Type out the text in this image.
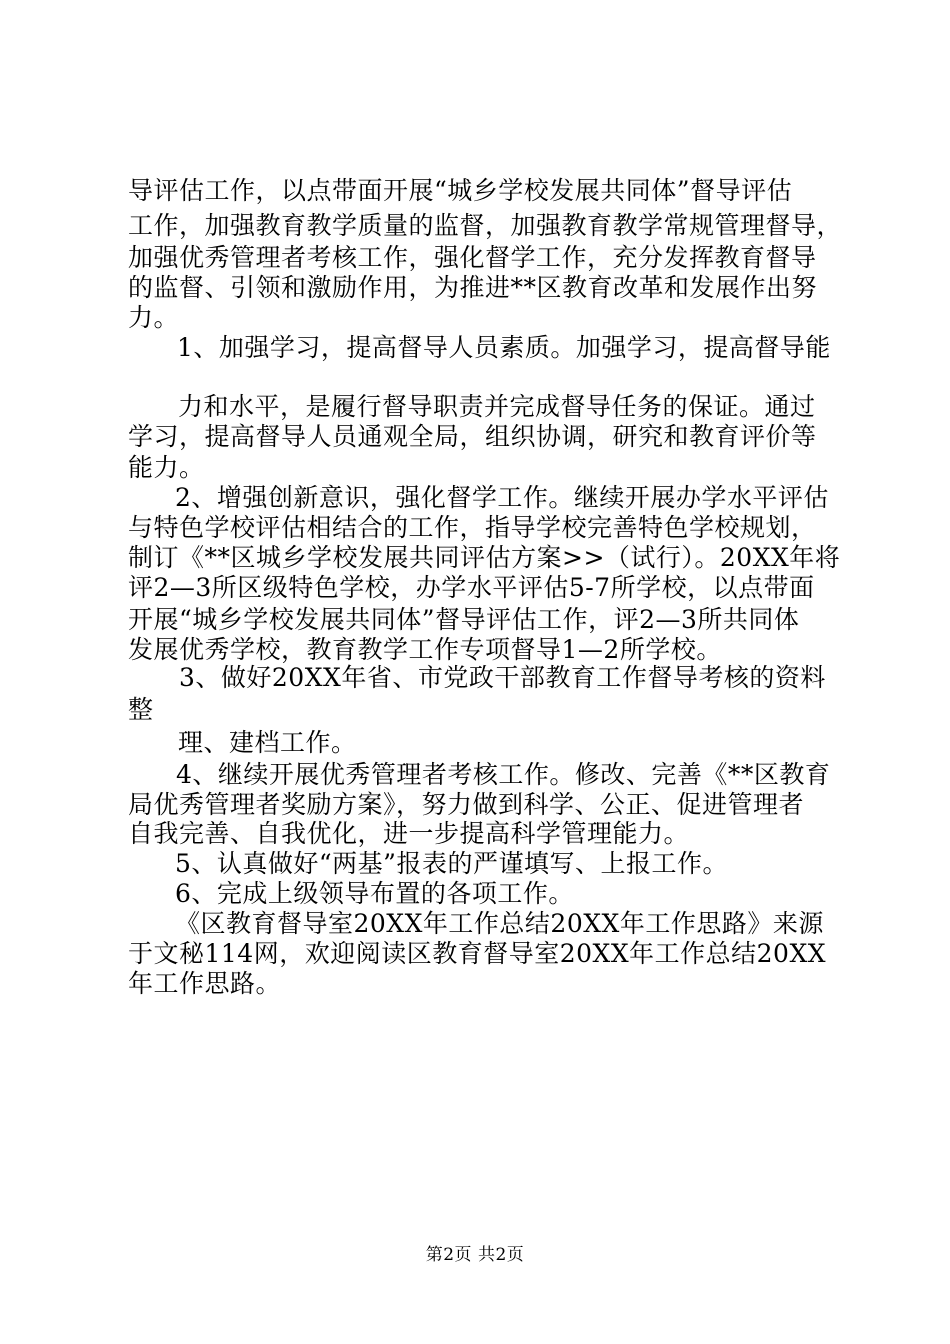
导评估工作，以点带面开展“城乡学校发展共同体”督导评估
工作，加强教育教学质量的监督，加强教育教学常规管理督导，
加强优秀管理者考核工作，强化督学工作，充分发挥教育督导
的监督、引领和激励作用，为推进**区教育改革和发展作出努
力。
1、加强学习，提高督导人员素质。加强学习，提高督导能
力和水平，是履行督导职责并完成督导任务的保证。通过
学习，提高督导人员通观全局，组织协调，研究和教育评价等
能力。
2、增强创新意识，强化督学工作。继续开展办学水平评估
与特色学校评估相结合的工作，指导学校完善特色学校规划，
制订《**区城乡学校发展共同评估方案>>（试行）。20XX年将
评2—3所区级特色学校，办学水平评估5-7所学校，以点带面
开展“城乡学校发展共同体”督导评估工作，评2—3所共同体
发展优秀学校，教育教学工作专项督导1—2所学校。
3、做好20XX年省、市党政干部教育工作督导考核的资料
整
理、建档工作。
4、继续开展优秀管理者考核工作。修改、完善《**区教育
局优秀管理者奖励方案》，努力做到科学、公正、促进管理者
自我完善、自我优化，进一步提高科学管理能力。
5、认真做好“两基”报表的严谨填写、上报工作。
6、完成上级领导布置的各项工作。
《区教育督导室20XX年工作总结20XX年工作思路》来源
于文秘114网，欢迎阅读区教育督导室20XX年工作总结20XX
年工作思路。
第2页 共2页
